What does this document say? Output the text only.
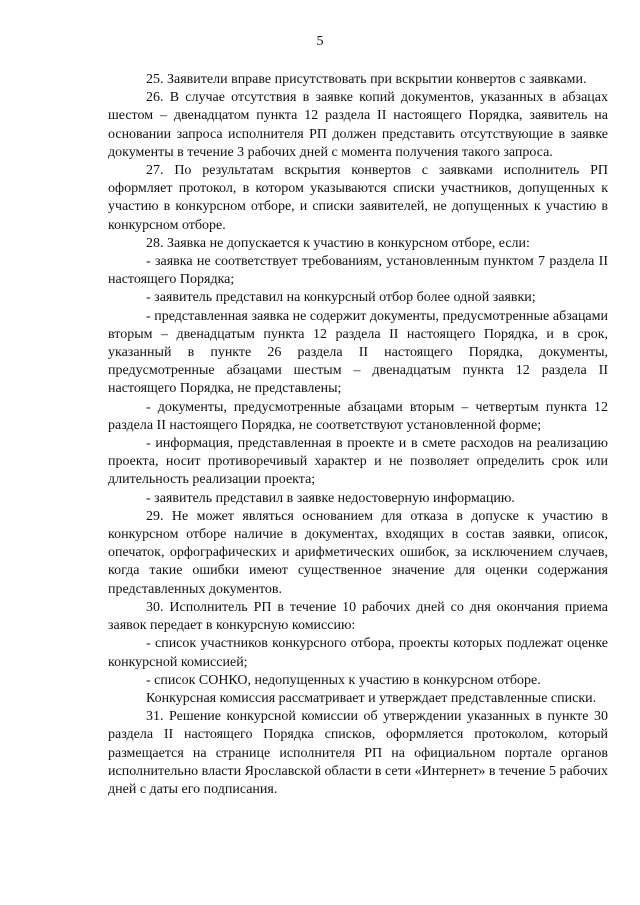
5

25. Заявители вправе присутствовать при вскрытии конвертов с заявками.

26. В случае отсутствия в заявке копий документов, указанных в абзацах шестом – двенадцатом пункта 12 раздела II настоящего Порядка, заявитель на основании запроса исполнителя РП должен представить отсутствующие в заявке документы в течение 3 рабочих дней с момента получения такого запроса.

27. По результатам вскрытия конвертов с заявками исполнитель РП оформляет протокол, в котором указываются списки участников, допущенных к участию в конкурсном отборе, и списки заявителей, не допущенных к участию в конкурсном отборе.

28. Заявка не допускается к участию в конкурсном отборе, если:

- заявка не соответствует требованиям, установленным пунктом 7 раздела II настоящего Порядка;

- заявитель представил на конкурсный отбор более одной заявки;

- представленная заявка не содержит документы, предусмотренные абзацами вторым – двенадцатым пункта 12 раздела II настоящего Порядка, и в срок, указанный в пункте 26 раздела II настоящего Порядка, документы, предусмотренные абзацами шестым – двенадцатым пункта 12 раздела II настоящего Порядка, не представлены;

- документы, предусмотренные абзацами вторым – четвертым пункта 12 раздела II настоящего Порядка, не соответствуют установленной форме;

- информация, представленная в проекте и в смете расходов на реализацию проекта, носит противоречивый характер и не позволяет определить срок или длительность реализации проекта;

- заявитель представил в заявке недостоверную информацию.

29. Не может являться основанием для отказа в допуске к участию в конкурсном отборе наличие в документах, входящих в состав заявки, описок, опечаток, орфографических и арифметических ошибок, за исключением случаев, когда такие ошибки имеют существенное значение для оценки содержания представленных документов.

30. Исполнитель РП в течение 10 рабочих дней со дня окончания приема заявок передает в конкурсную комиссию:

- список участников конкурсного отбора, проекты которых подлежат оценке конкурсной комиссией;

- список СОНКО, недопущенных к участию в конкурсном отборе.

Конкурсная комиссия рассматривает и утверждает представленные списки.

31. Решение конкурсной комиссии об утверждении указанных в пункте 30 раздела II настоящего Порядка списков, оформляется протоколом, который размещается на странице исполнителя РП на официальном портале органов исполнительно власти Ярославской области в сети «Интернет» в течение 5 рабочих дней с даты его подписания.
